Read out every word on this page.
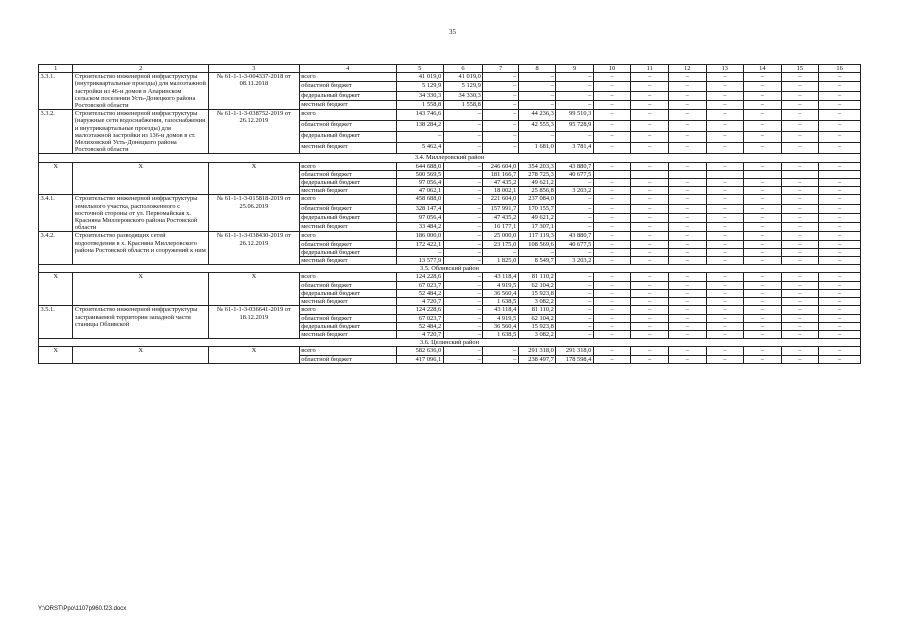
35
1	2	3	4	5	6	7	8	9	10	11	12	13	14	15	16
3.3.1.	Строительство инженерной инфраструктуры (внутриквартальные проезды) для малоэтажной застройки из 46-и домов в Апаринском сельском поселении Усть-Донецкого района Ростовской области	№ 61-1-1-3-004337-2018 от 08.11.2018	всего	41 019,0	41 019,0	–	–	–	–	–	–	–	–	–	–
			областной бюджет	5 129,9	5 129,9	–	–	–	–	–	–	–	–	–	–
			федеральный бюджет	34 330,3	34 330,3	–	–	–	–	–	–	–	–	–	–
			местный бюджет	1 558,8	1 558,8	–	–	–	–	–	–	–	–	–	–
3.3.2.	Строительство инженерной инфраструктуры (наружные сети водоснабжения, газоснабжения и внутриквартальные проезды) для малоэтажной застройки из 136-и домов в ст. Мелиховской Усть-Донецкого района Ростовской области	№ 61-1-1-3-038752-2019 от 26.12.2019	всего	143 746,6	–	–	44 236,3	99 510,3	–	–	–	–	–	–	–
			областной бюджет	138 284,2	–	–	42 555,3	95 728,9	–	–	–	–	–	–	–
			федеральный бюджет	–	–	–	–	–	–	–	–	–	–	–	–
			местный бюджет	5 462,4	–	–	1 681,0	3 781,4	–	–	–	–	–	–	–
3.4. Миллеровский район															
Х	Х	Х	всего	644 688,0	–	246 604,0	354 203,3	43 880,7	–	–	–	–	–	–	–
			областной бюджет	500 569,5		181 166,7	278 725,3	40 677,5							
			федеральный бюджет	97 056,4	–	47 435,2	49 621,2	–	–	–	–	–	–	–	–
			местный бюджет	47 062,1	–	18 002,1	25 856,8	3 203,2	–	–	–	–	–	–	–
3.4.1.	Строительство инженерной инфраструктуры земельного участка, расположенного с восточной стороны от ул. Первомайская х. Красняна Миллеровского района Ростовской области	№ 61-1-1-3-015818-2019 от 25.06.2019	всего	458 688,0	–	221 604,0	237 084,0	–	–	–	–	–	–	–	–
			областной бюджет	328 147,4	–	157 991,7	170 155,7	–	–	–	–	–	–	–	–
			федеральный бюджет	97 056,4	–	47 435,2	49 621,2	–	–	–	–	–	–	–	–
			местный бюджет	33 484,2	–	16 177,1	17 307,1	–	–	–	–	–	–	–	–
3.4.2.	Строительство разводящих сетей водоотведения в х. Красняна Миллеровского района Ростовской области и сооружений к ним	№ 61-1-1-3-038430-2019 от 26.12.2019	всего	186 000,0	–	25 000,0	117 119,3	43 880,7	–	–	–	–	–	–	–
			областной бюджет	172 422,1	–	23 175,0	108 569,6	40 677,5	–	–	–	–	–	–	–
			федеральный бюджет	–	–	–	–	–	–	–	–	–	–	–	–
			местный бюджет	13 577,9	–	1 825,0	8 549,7	3 203,2	–	–	–	–	–	–	–
3.5. Обливский район															
Х	Х	Х	всего	124 228,6	–	43 118,4	81 110,2	–	–	–	–	–	–	–	–
			областной бюджет	67 023,7	–	4 919,5	62 104,2	–	–	–	–	–	–	–	–
			федеральный бюджет	52 484,2	–	36 560,4	15 923,8	–	–	–	–	–	–	–	–
			местный бюджет	4 720,7	–	1 638,5	3 082,2	–	–	–	–	–	–	–	–
3.5.1.	Строительство инженерной инфраструктуры застраиваемой территории западной части станицы Обливской	№ 61-1-1-3-036641-2019 от 18.12.2019	всего	124 228,6	–	43 118,4	81 110,2	–	–	–	–	–	–	–	–
			областной бюджет	67 023,7	–	4 919,5	62 104,2	–	–	–	–	–	–	–	–
			федеральный бюджет	52 484,2	–	36 560,4	15 923,8	–	–	–	–	–	–	–	–
			местный бюджет	4 720,7	–	1 638,5	3 082,2	–	–	–	–	–	–	–	–
3.6. Целинский район															
Х	Х	Х	всего	582 636,0	–	–	291 318,0	291 318,0	–	–	–	–	–	–	–
			областной бюджет	417 096,1	–	–	238 497,7	178 598,4	–	–	–	–	–	–	–
Y:\ORST\Ppo\1107p960.f23.docx
